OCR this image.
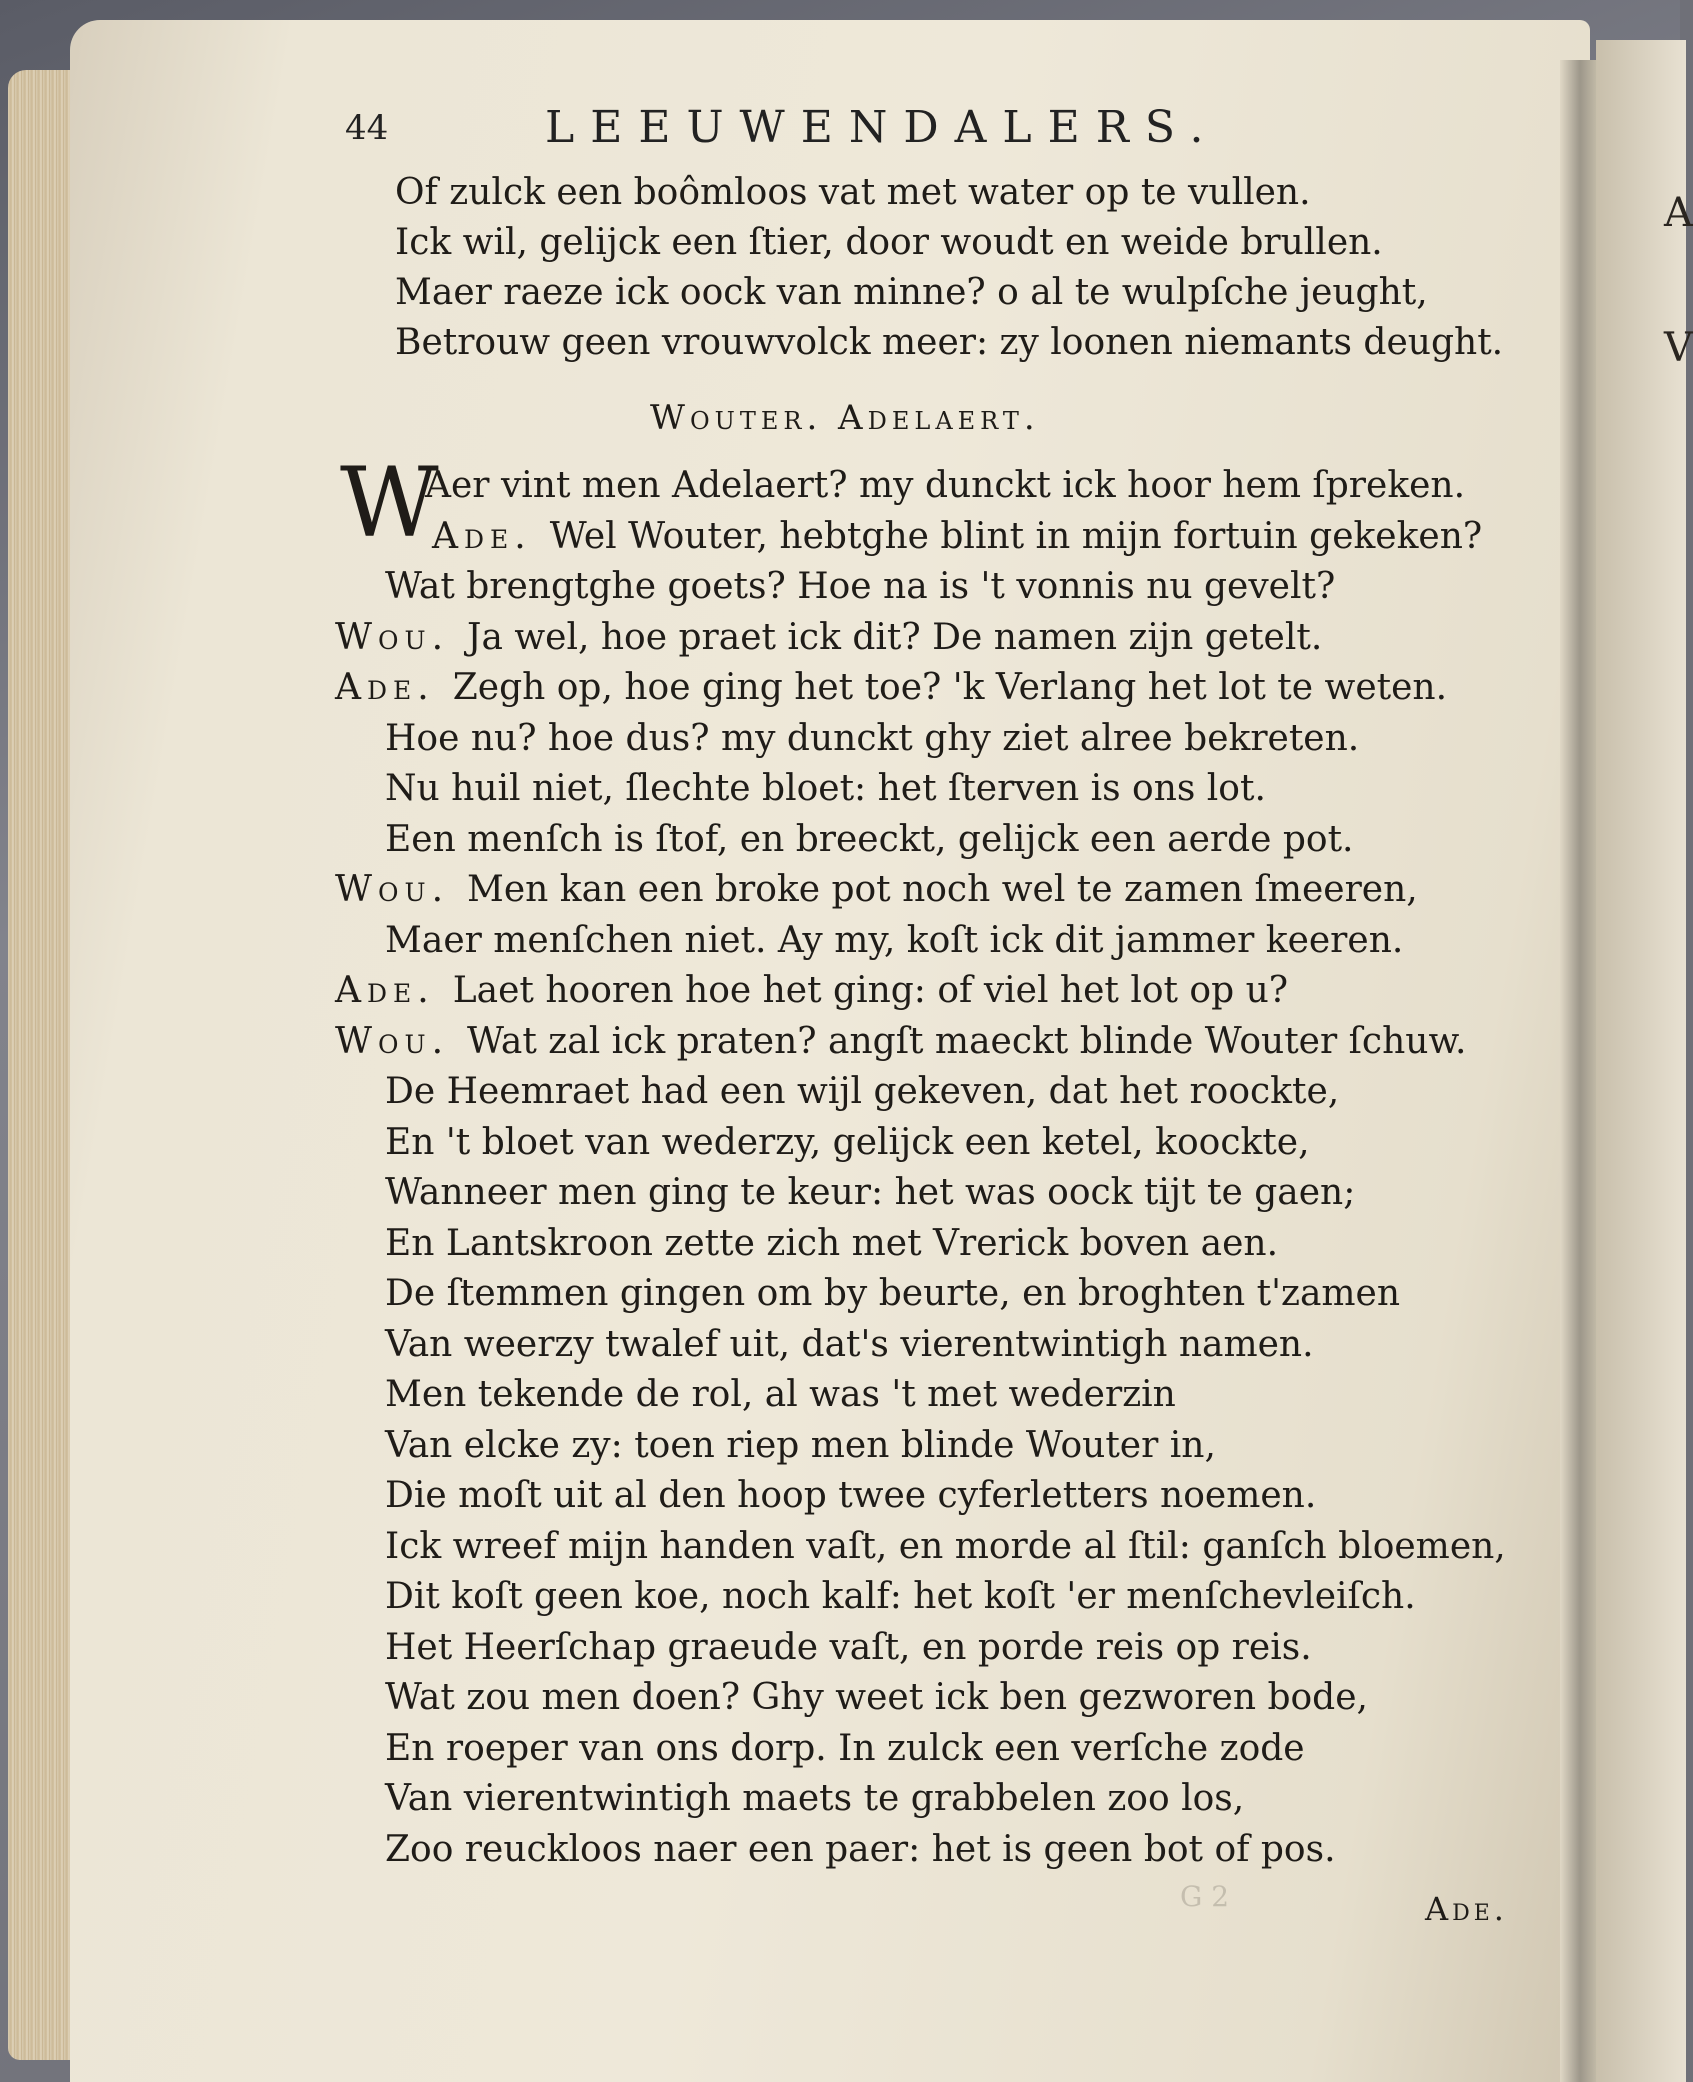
A
V
44	LEEUWENDALERS.
Of zulck een boômloos vat met water op te vullen.
Ick wil, gelijck een ſtier, door woudt en weide brullen.
Maer raeze ick oock van minne? o al te wulpſche jeught,
Betrouw geen vrouwvolck meer: zy loonen niemants deught.
Wouter. Adelaert.
W
Aer vint men Adelaert? my dunckt ick hoor hem ſpreken.
Ade. Wel Wouter, hebtghe blint in mijn fortuin gekeken?
Wat brengtghe goets? Hoe na is 't vonnis nu gevelt?
Wou. Ja wel, hoe praet ick dit? De namen zijn getelt.
Ade. Zegh op, hoe ging het toe? 'k Verlang het lot te weten.
Hoe nu? hoe dus? my dunckt ghy ziet alree bekreten.
Nu huil niet, ſlechte bloet: het ſterven is ons lot.
Een menſch is ſtof, en breeckt, gelijck een aerde pot.
Wou. Men kan een broke pot noch wel te zamen ſmeeren,
Maer menſchen niet. Ay my, koſt ick dit jammer keeren.
Ade. Laet hooren hoe het ging: of viel het lot op u?
Wou. Wat zal ick praten? angſt maeckt blinde Wouter ſchuw.
De Heemraet had een wijl gekeven, dat het roockte,
En 't bloet van wederzy, gelijck een ketel, koockte,
Wanneer men ging te keur: het was oock tijt te gaen;
En Lantskroon zette zich met Vrerick boven aen.
De ſtemmen gingen om by beurte, en broghten t'zamen
Van weerzy twalef uit, dat's vierentwintigh namen.
Men tekende de rol, al was 't met wederzin
Van elcke zy: toen riep men blinde Wouter in,
Die moſt uit al den hoop twee cyferletters noemen.
Ick wreef mijn handen vaſt, en morde al ſtil: ganſch bloemen,
Dit koſt geen koe, noch kalf: het koſt 'er menſchevleiſch.
Het Heerſchap graeude vaſt, en porde reis op reis.
Wat zou men doen? Ghy weet ick ben gezworen bode,
En roeper van ons dorp. In zulck een verſche zode
Van vierentwintigh maets te grabbelen zoo los,
Zoo reuckloos naer een paer: het is geen bot of pos.
G 2	Ade.
